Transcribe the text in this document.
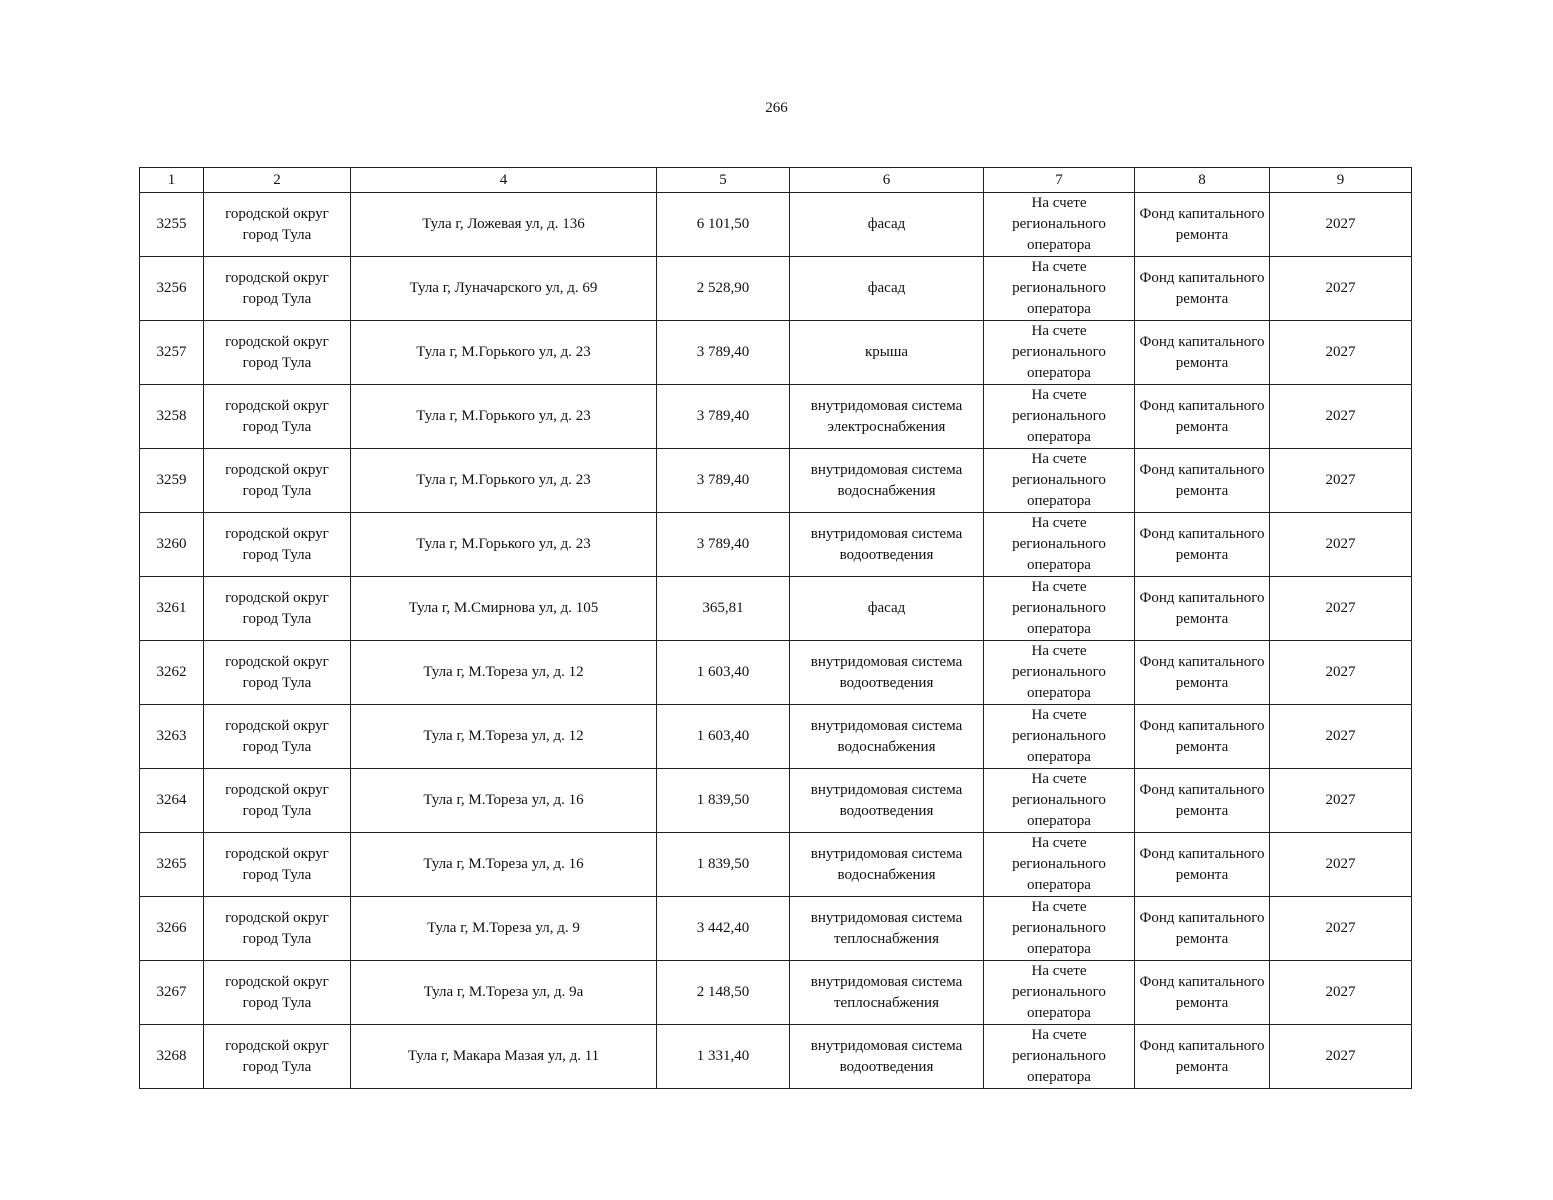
266
1	2	4	5	6	7	8	9
3255	городской округ город Тула	Тула г, Ложевая ул, д. 136	6 101,50	фасад	На счете регионального оператора	Фонд капитального ремонта	2027
3256	городской округ город Тула	Тула г, Луначарского ул, д. 69	2 528,90	фасад	На счете регионального оператора	Фонд капитального ремонта	2027
3257	городской округ город Тула	Тула г, М.Горького ул, д. 23	3 789,40	крыша	На счете регионального оператора	Фонд капитального ремонта	2027
3258	городской округ город Тула	Тула г, М.Горького ул, д. 23	3 789,40	внутридомовая система электроснабжения	На счете регионального оператора	Фонд капитального ремонта	2027
3259	городской округ город Тула	Тула г, М.Горького ул, д. 23	3 789,40	внутридомовая система водоснабжения	На счете регионального оператора	Фонд капитального ремонта	2027
3260	городской округ город Тула	Тула г, М.Горького ул, д. 23	3 789,40	внутридомовая система водоотведения	На счете регионального оператора	Фонд капитального ремонта	2027
3261	городской округ город Тула	Тула г, М.Смирнова ул, д. 105	365,81	фасад	На счете регионального оператора	Фонд капитального ремонта	2027
3262	городской округ город Тула	Тула г, М.Тореза ул, д. 12	1 603,40	внутридомовая система водоотведения	На счете регионального оператора	Фонд капитального ремонта	2027
3263	городской округ город Тула	Тула г, М.Тореза ул, д. 12	1 603,40	внутридомовая система водоснабжения	На счете регионального оператора	Фонд капитального ремонта	2027
3264	городской округ город Тула	Тула г, М.Тореза ул, д. 16	1 839,50	внутридомовая система водоотведения	На счете регионального оператора	Фонд капитального ремонта	2027
3265	городской округ город Тула	Тула г, М.Тореза ул, д. 16	1 839,50	внутридомовая система водоснабжения	На счете регионального оператора	Фонд капитального ремонта	2027
3266	городской округ город Тула	Тула г, М.Тореза ул, д. 9	3 442,40	внутридомовая система теплоснабжения	На счете регионального оператора	Фонд капитального ремонта	2027
3267	городской округ город Тула	Тула г, М.Тореза ул, д. 9а	2 148,50	внутридомовая система теплоснабжения	На счете регионального оператора	Фонд капитального ремонта	2027
3268	городской округ город Тула	Тула г, Макара Мазая ул, д. 11	1 331,40	внутридомовая система водоотведения	На счете регионального оператора	Фонд капитального ремонта	2027
